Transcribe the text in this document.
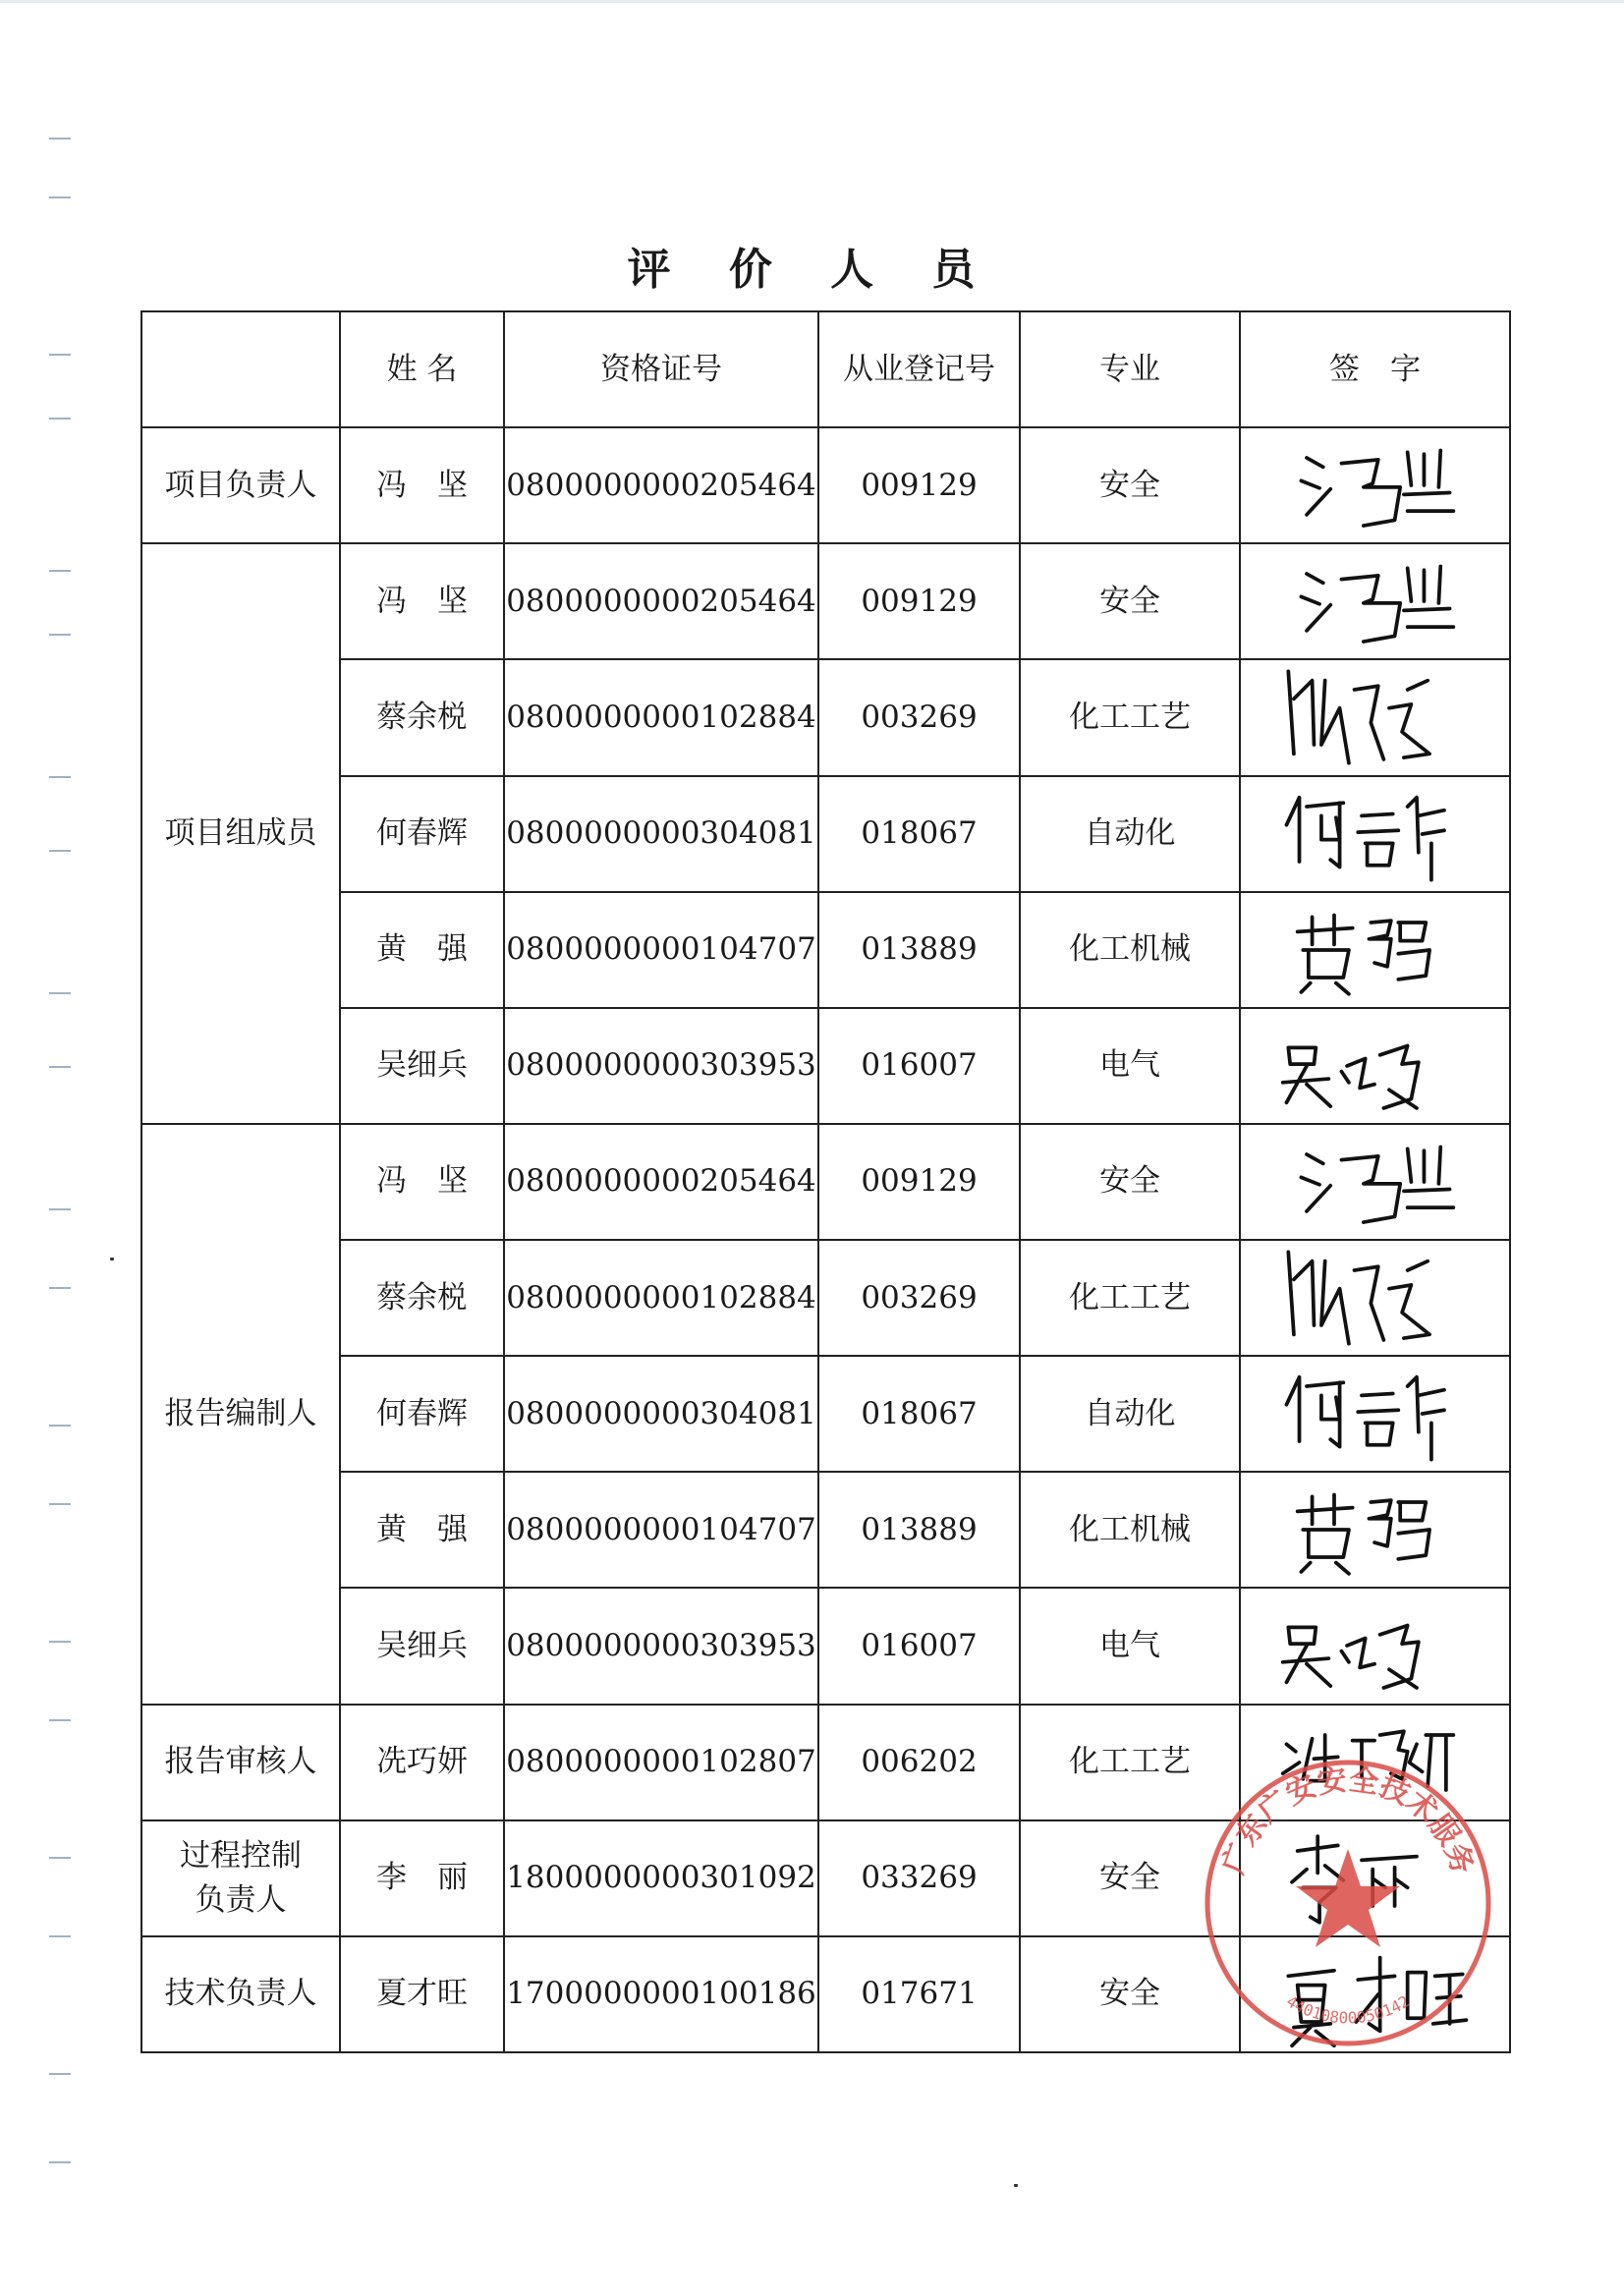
评 价 人 员
	姓 名	资格证号	从业登记号	专业	签　字
项目负责人	冯　坚	0800000000205464	009129	安全	

项目组成员	冯　坚	0800000000205464	009129	安全	

	蔡余棁	0800000000102884	003269	化工工艺	

	何春辉	0800000000304081	018067	自动化	

	黄　强	0800000000104707	013889	化工机械	

	吴细兵	0800000000303953	016007	电气	

报告编制人	冯　坚	0800000000205464	009129	安全	

	蔡余棁	0800000000102884	003269	化工工艺	

	何春辉	0800000000304081	018067	自动化	

	黄　强	0800000000104707	013889	化工机械	

	吴细兵	0800000000303953	016007	电气	

报告审核人	冼巧妍	0800000000102807	006202	化工工艺	

过程控制
负责人	李　丽	1800000000301092	033269	安全	

技术负责人	夏才旺	1700000000100186	017671	安全	
广东广安安全技术服务
44010800050142
